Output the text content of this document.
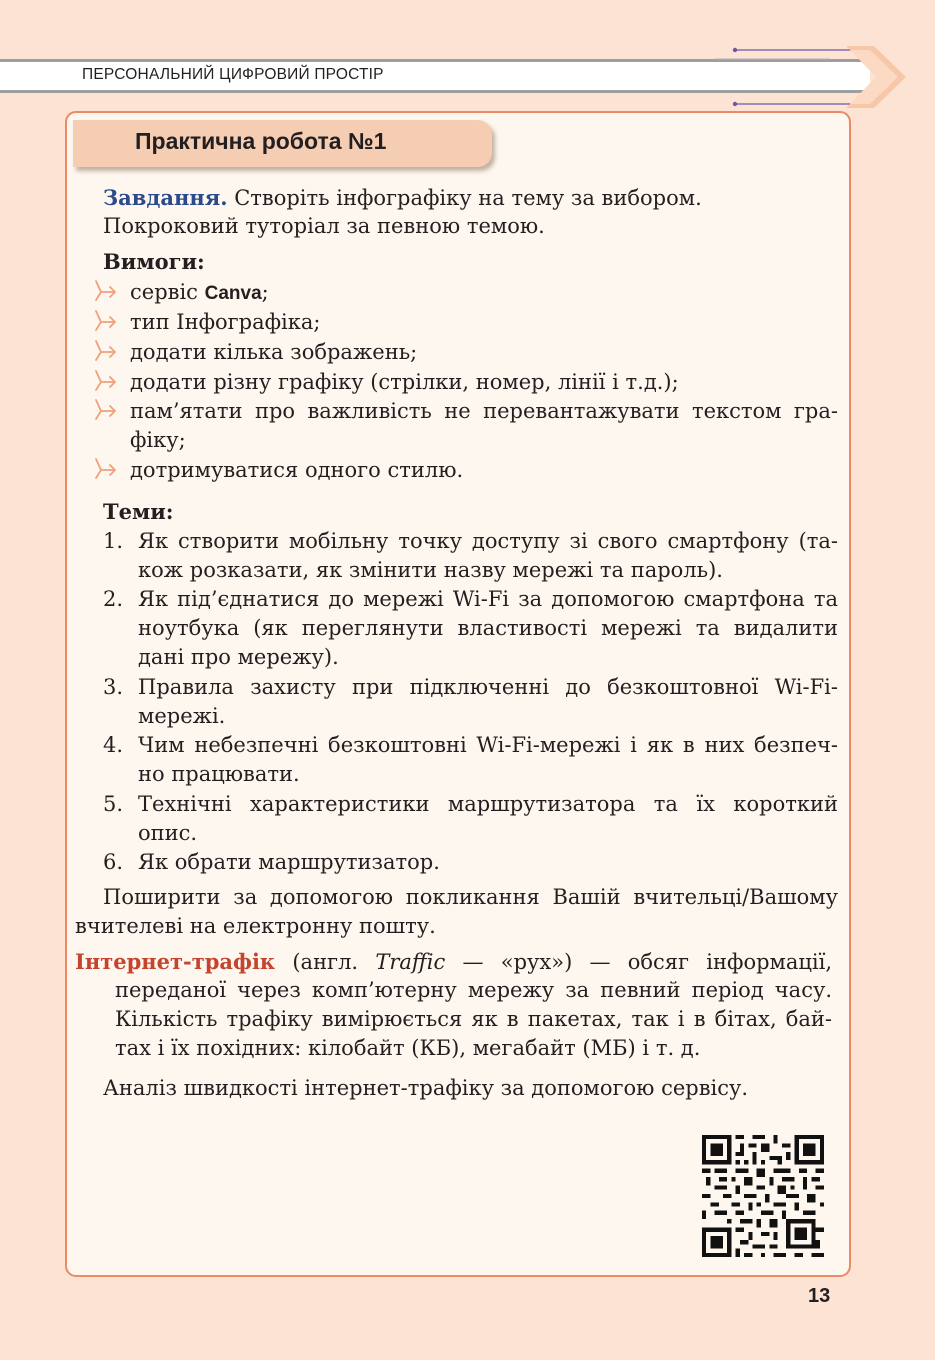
ПЕРСОНАЛЬНИЙ ЦИФРОВИЙ ПРОСТІР
Практична робота №1
Завдання. Створіть інфографіку на тему за вибором.
Покроковий туторіал за певною темою.
Вимоги:
сервіс Canva;
тип Інфографіка;
додати кілька зображень;
додати різну графіку (стрілки, номер, лінії і т.д.);
пам’ятати про важливість не перевантажувати текстом гра-
фіку;
дотримуватися одного стилю.
Теми:
1. Як створити мобільну точку доступу зі свого смартфону (та-
кож розказати, як змінити назву мережі та пароль).
2. Як під’єднатися до мережі Wi-Fi за допомогою смартфона та
ноутбука (як переглянути властивості мережі та видалити
дані про мережу).
3. Правила захисту при підключенні до безкоштовної Wi-Fi-
мережі.
4. Чим небезпечні безкоштовні Wi-Fi-мережі і як в них безпеч-
но працювати.
5. Технічні характеристики маршрутизатора та їх короткий
опис.
6. Як обрати маршрутизатор.
Поширити за допомогою покликання Вашій вчительці/Вашому
вчителеві на електронну пошту.
Інтернет-трафік (англ. Traffic — «рух») — обсяг інформації,
переданої через комп’ютерну мережу за певний період часу.
Кількість трафіку вимірюється як в пакетах, так і в бітах, бай-
тах і їх похідних: кілобайт (КБ), мегабайт (МБ) і т. д.
Аналіз швидкості інтернет-трафіку за допомогою сервісу.
13
